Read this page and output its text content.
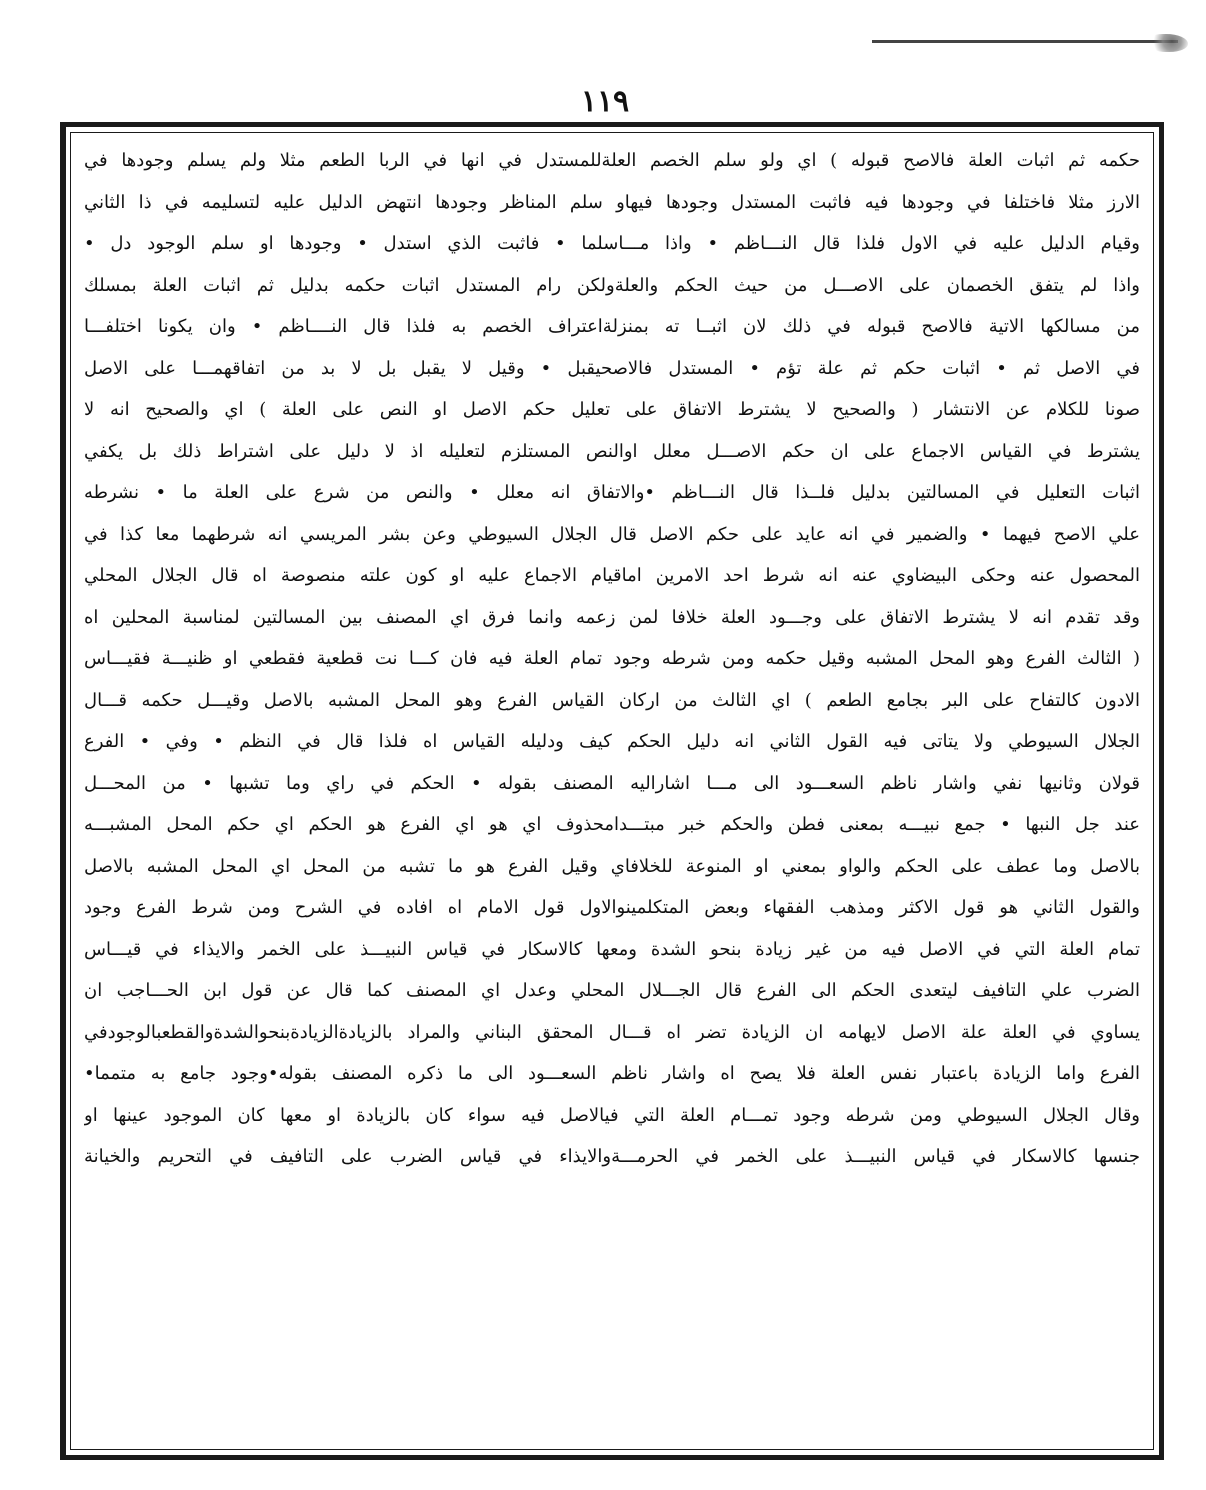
١١٩
حكمه ثم اثبات العلة فالاصح قبوله ) اي ولو سلم الخصم العلةللمستدل في انها في الربا الطعم مثلا ولم يسلم وجودها في
الارز مثلا فاختلفا في وجودها فيه فاثبت المستدل وجودها فيهاو سلم المناظر وجودها انتهض الدليل عليه لتسليمه في ذا الثاني
وقيام الدليل عليه في الاول فلذا قال النـــاظم • واذا مـــاسلما • فاثبت الذي استدل • وجودها او سلم الوجود دل •
واذا لم يتفق الخصمان على الاصـــل من حيث الحكم والعلةولكن رام المستدل اثبات حكمه بدليل ثم اثبات العلة بمسلك
من مسالكها الاتية فالاصح قبوله في ذلك لان اثبــا ته بمنزلةاعتراف الخصم به فلذا قال النــــاظم • وان يكونا اختلفـــا
في الاصل ثم • اثبات حكم ثم علة تؤم • المستدل فالاصحيقبل • وقيل لا يقبل بل لا بد من اتفاقهمـــا على الاصل
صونا للكلام عن الانتشار ( والصحيح لا يشترط الاتفاق على تعليل حكم الاصل او النص على العلة ) اي والصحيح انه لا
يشترط في القياس الاجماع على ان حكم الاصـــل معلل اوالنص المستلزم لتعليله اذ لا دليل على اشتراط ذلك بل يكفي
اثبات التعليل في المسالتين بدليل فلــذا قال النـــاظم •والاتفاق انه معلل • والنص من شرع على العلة ما • نشرطه
علي الاصح فيهما • والضمير في انه عايد على حكم الاصل قال الجلال السيوطي وعن بشر المريسي انه شرطهما معا كذا في
المحصول عنه وحكى البيضاوي عنه انه شرط احد الامرين اماقيام الاجماع عليه او كون علته منصوصة اه قال الجلال المحلي
وقد تقدم انه لا يشترط الاتفاق على وجـــود العلة خلافا لمن زعمه وانما فرق اي المصنف بين المسالتين لمناسبة المحلين اه
( الثالث الفرع وهو المحل المشبه وقيل حكمه ومن شرطه وجود تمام العلة فيه فان كـــا نت قطعية فقطعي او ظنيـــة فقيـــاس
الادون كالتفاح على البر بجامع الطعم ) اي الثالث من اركان القياس الفرع وهو المحل المشبه بالاصل وقيـــل حكمه قـــال
الجلال السيوطي ولا يتاتى فيه القول الثاني انه دليل الحكم كيف ودليله القياس اه فلذا قال في النظم • وفي • الفرع
قولان وثانيها نفي واشار ناظم السعـــود الى مـــا اشاراليه المصنف بقوله • الحكم في راي وما تشبها • من المحـــل
عند جل النبها • جمع نبيـــه بمعنى فطن والحكم خبر مبتـــدامحذوف اي هو اي الفرع هو الحكم اي حكم المحل المشبـــه
بالاصل وما عطف على الحكم والواو بمعني او المنوعة للخلافاي وقيل الفرع هو ما تشبه من المحل اي المحل المشبه بالاصل
والقول الثاني هو قول الاكثر ومذهب الفقهاء وبعض المتكلمينوالاول قول الامام اه افاده في الشرح ومن شرط الفرع وجود
تمام العلة التي في الاصل فيه من غير زيادة بنحو الشدة ومعها كالاسكار في قياس النبيـــذ على الخمر والايذاء في قيـــاس
الضرب علي التافيف ليتعدى الحكم الى الفرع قال الجـــلال المحلي وعدل اي المصنف كما قال عن قول ابن الحـــاجب ان
يساوي في العلة علة الاصل لايهامه ان الزيادة تضر اه قـــال المحقق البناني والمراد بالزيادةالزيادةبنحوالشدةوالقطعبالوجودفي
الفرع واما الزيادة باعتبار نفس العلة فلا يصح اه واشار ناظم السعـــود الى ما ذكره المصنف بقوله•وجود جامع به متمما•
وقال الجلال السيوطي ومن شرطه وجود تمـــام العلة التي فيالاصل فيه سواء كان بالزيادة او معها كان الموجود عينها او
جنسها كالاسكار في قياس النبيـــذ على الخمر في الحرمـــةوالايذاء في قياس الضرب على التافيف في التحريم والخيانة
